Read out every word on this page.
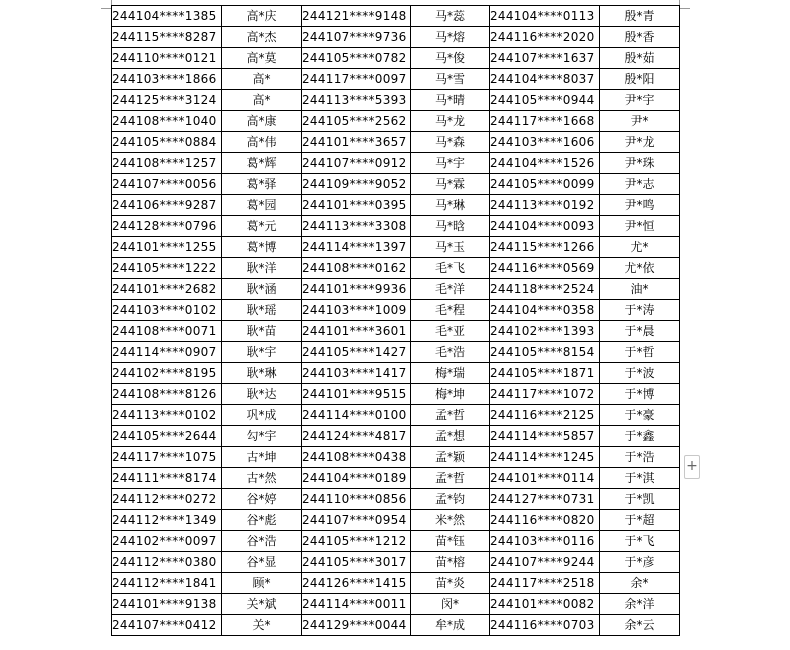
244104****1385	高*庆	244121****9148	马*蕊	244104****0113	殷*青
244115****8287	高*杰	244107****9736	马*熔	244116****2020	殷*香
244110****0121	高*莫	244105****0782	马*俊	244107****1637	殷*茹
244103****1866	高*	244117****0097	马*雪	244104****8037	殷*阳
244125****3124	高*	244113****5393	马*晴	244105****0944	尹*宇
244108****1040	高*康	244105****2562	马*龙	244117****1668	尹*
244105****0884	高*伟	244101****3657	马*森	244103****1606	尹*龙
244108****1257	葛*辉	244107****0912	马*宇	244104****1526	尹*珠
244107****0056	葛*驿	244109****9052	马*霖	244105****0099	尹*志
244106****9287	葛*园	244101****0395	马*琳	244113****0192	尹*鸣
244128****0796	葛*元	244113****3308	马*晗	244104****0093	尹*恒
244101****1255	葛*博	244114****1397	马*玉	244115****1266	尤*
244105****1222	耿*洋	244108****0162	毛*飞	244116****0569	尤*依
244101****2682	耿*涵	244101****9936	毛*洋	244118****2524	油*
244103****0102	耿*瑶	244103****1009	毛*程	244104****0358	于*涛
244108****0071	耿*苗	244101****3601	毛*亚	244102****1393	于*晨
244114****0907	耿*宇	244105****1427	毛*浩	244105****8154	于*哲
244102****8195	耿*琳	244103****1417	梅*瑞	244105****1871	于*波
244108****8126	耿*达	244101****9515	梅*坤	244117****1072	于*博
244113****0102	巩*成	244114****0100	孟*哲	244116****2125	于*豪
244105****2644	勾*宇	244124****4817	孟*想	244114****5857	于*鑫
244117****1075	古*坤	244108****0438	孟*颖	244114****1245	于*浩
244111****8174	古*然	244104****0189	孟*哲	244101****0114	于*淇
244112****0272	谷*婷	244110****0856	孟*钧	244127****0731	于*凯
244112****1349	谷*彪	244107****0954	米*然	244116****0820	于*超
244102****0097	谷*浩	244105****1212	苗*钰	244103****0116	于*飞
244112****0380	谷*显	244105****3017	苗*榕	244107****9244	于*彦
244112****1841	顾*	244126****1415	苗*炎	244117****2518	余*
244101****9138	关*斌	244114****0011	闵*	244101****0082	余*洋
244107****0412	关*	244129****0044	牟*成	244116****0703	余*云
+
